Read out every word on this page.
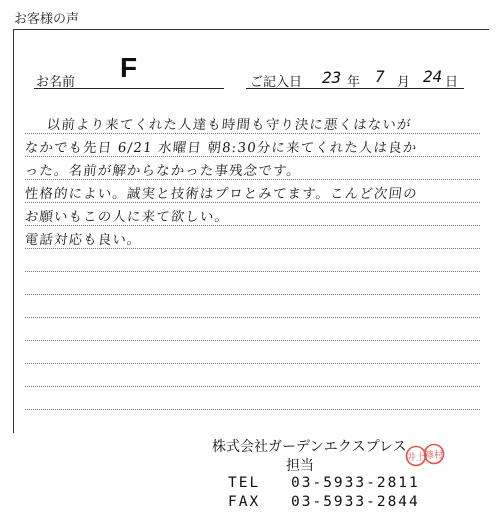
お客様の声
お名前 F	ご記入日 23 年 7 月 24 日
以前より来てくれた人達も時間も守り決に悪くはないが
なかでも先日 6/21 水曜日 朝8:30分に来てくれた人は良か
った。名前が解からなかった事残念です。
性格的によい。誠実と技術はプロとみてます。こんど次回の
お願いもこの人に来て欲しい。
電話対応も良い。
株式会社ガーデンエクスプレス
担当
TEL 03-5933-2811
FAX 03-5933-2844
井上 篠村
